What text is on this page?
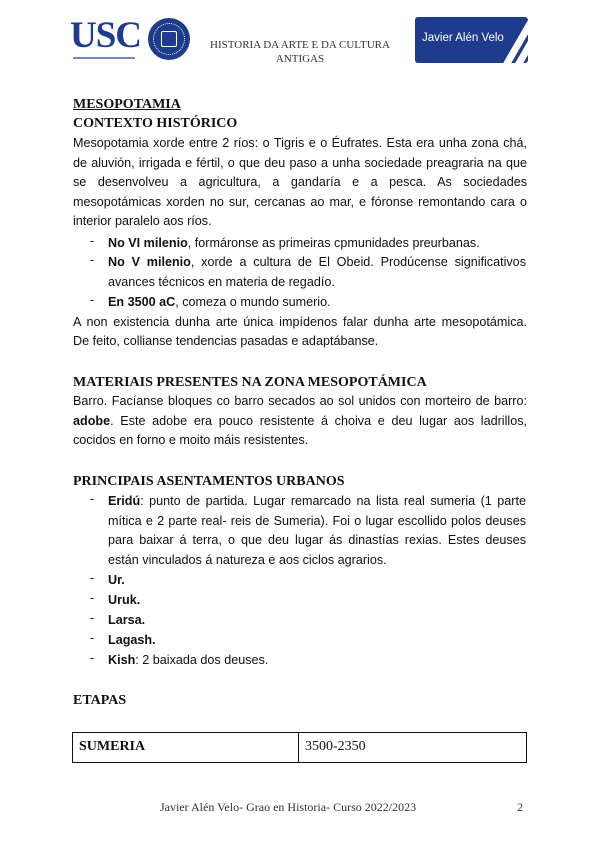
USC	HISTORIA DA ARTE E DA CULTURA
ANTIGAS
Javier Alén Velo
MESOPOTAMIA
CONTEXTO HISTÓRICO
Mesopotamia xorde entre 2 ríos: o Tigris e o Éufrates. Esta era unha zona chá,
de aluvión, irrigada e fértil, o que deu paso a unha sociedade preagraria na que
se desenvolveu a agricultura, a gandaría e a pesca. As sociedades
mesopotámicas xorden no sur, cercanas ao mar, e fóronse remontando cara o
interior paralelo aos ríos.
- No VI milenio, formáronse as primeiras cpmunidades preurbanas.
- No V milenio, xorde a cultura de El Obeid. Prodúcense significativos
avances técnicos en materia de regadío.
- En 3500 aC, comeza o mundo sumerio.
A non existencia dunha arte única impídenos falar dunha arte mesopotámica.
De feito, collianse tendencias pasadas e adaptábanse.
MATERIAIS PRESENTES NA ZONA MESOPOTÁMICA
Barro. Facíanse bloques co barro secados ao sol unidos con morteiro de barro:
adobe. Este adobe era pouco resistente á choiva e deu lugar aos ladrillos,
cocidos en forno e moito máis resistentes.
PRINCIPAIS ASENTAMENTOS URBANOS
- Eridú: punto de partida. Lugar remarcado na lista real sumeria (1 parte
mítica e 2 parte real- reis de Sumeria). Foi o lugar escollido polos deuses
para baixar á terra, o que deu lugar ás dinastías rexias. Estes deuses
están vinculados á natureza e aos ciclos agrarios.
- Ur.
- Uruk.
- Larsa.
- Lagash.
- Kish: 2 baixada dos deuses.
ETAPAS
SUMERIA	3500-2350
Javier Alén Velo- Grao en Historia- Curso 2022/2023	2
